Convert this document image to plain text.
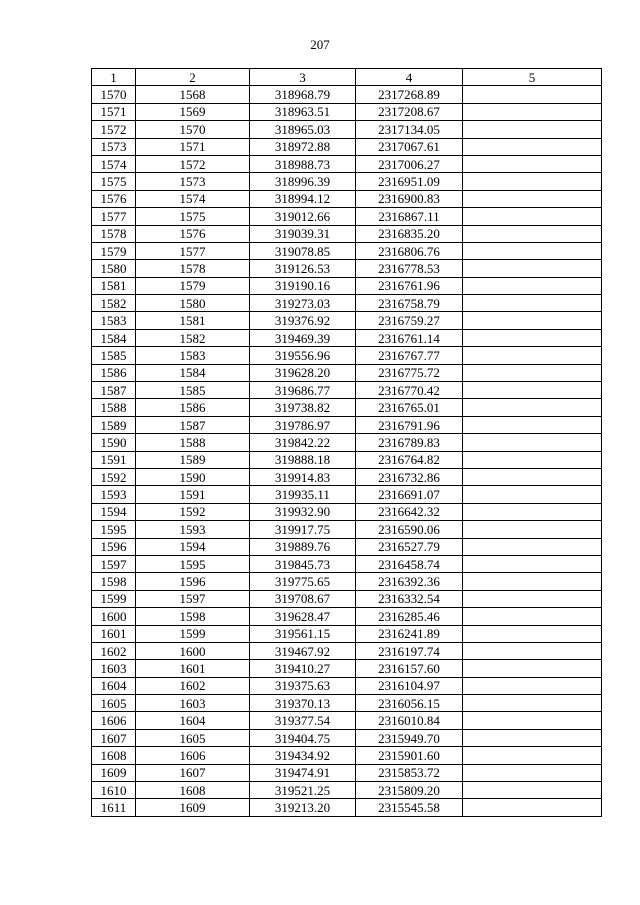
207
1	2	3	4	5
1570	1568	318968.79	2317268.89	
1571	1569	318963.51	2317208.67	
1572	1570	318965.03	2317134.05	
1573	1571	318972.88	2317067.61	
1574	1572	318988.73	2317006.27	
1575	1573	318996.39	2316951.09	
1576	1574	318994.12	2316900.83	
1577	1575	319012.66	2316867.11	
1578	1576	319039.31	2316835.20	
1579	1577	319078.85	2316806.76	
1580	1578	319126.53	2316778.53	
1581	1579	319190.16	2316761.96	
1582	1580	319273.03	2316758.79	
1583	1581	319376.92	2316759.27	
1584	1582	319469.39	2316761.14	
1585	1583	319556.96	2316767.77	
1586	1584	319628.20	2316775.72	
1587	1585	319686.77	2316770.42	
1588	1586	319738.82	2316765.01	
1589	1587	319786.97	2316791.96	
1590	1588	319842.22	2316789.83	
1591	1589	319888.18	2316764.82	
1592	1590	319914.83	2316732.86	
1593	1591	319935.11	2316691.07	
1594	1592	319932.90	2316642.32	
1595	1593	319917.75	2316590.06	
1596	1594	319889.76	2316527.79	
1597	1595	319845.73	2316458.74	
1598	1596	319775.65	2316392.36	
1599	1597	319708.67	2316332.54	
1600	1598	319628.47	2316285.46	
1601	1599	319561.15	2316241.89	
1602	1600	319467.92	2316197.74	
1603	1601	319410.27	2316157.60	
1604	1602	319375.63	2316104.97	
1605	1603	319370.13	2316056.15	
1606	1604	319377.54	2316010.84	
1607	1605	319404.75	2315949.70	
1608	1606	319434.92	2315901.60	
1609	1607	319474.91	2315853.72	
1610	1608	319521.25	2315809.20	
1611	1609	319213.20	2315545.58	
